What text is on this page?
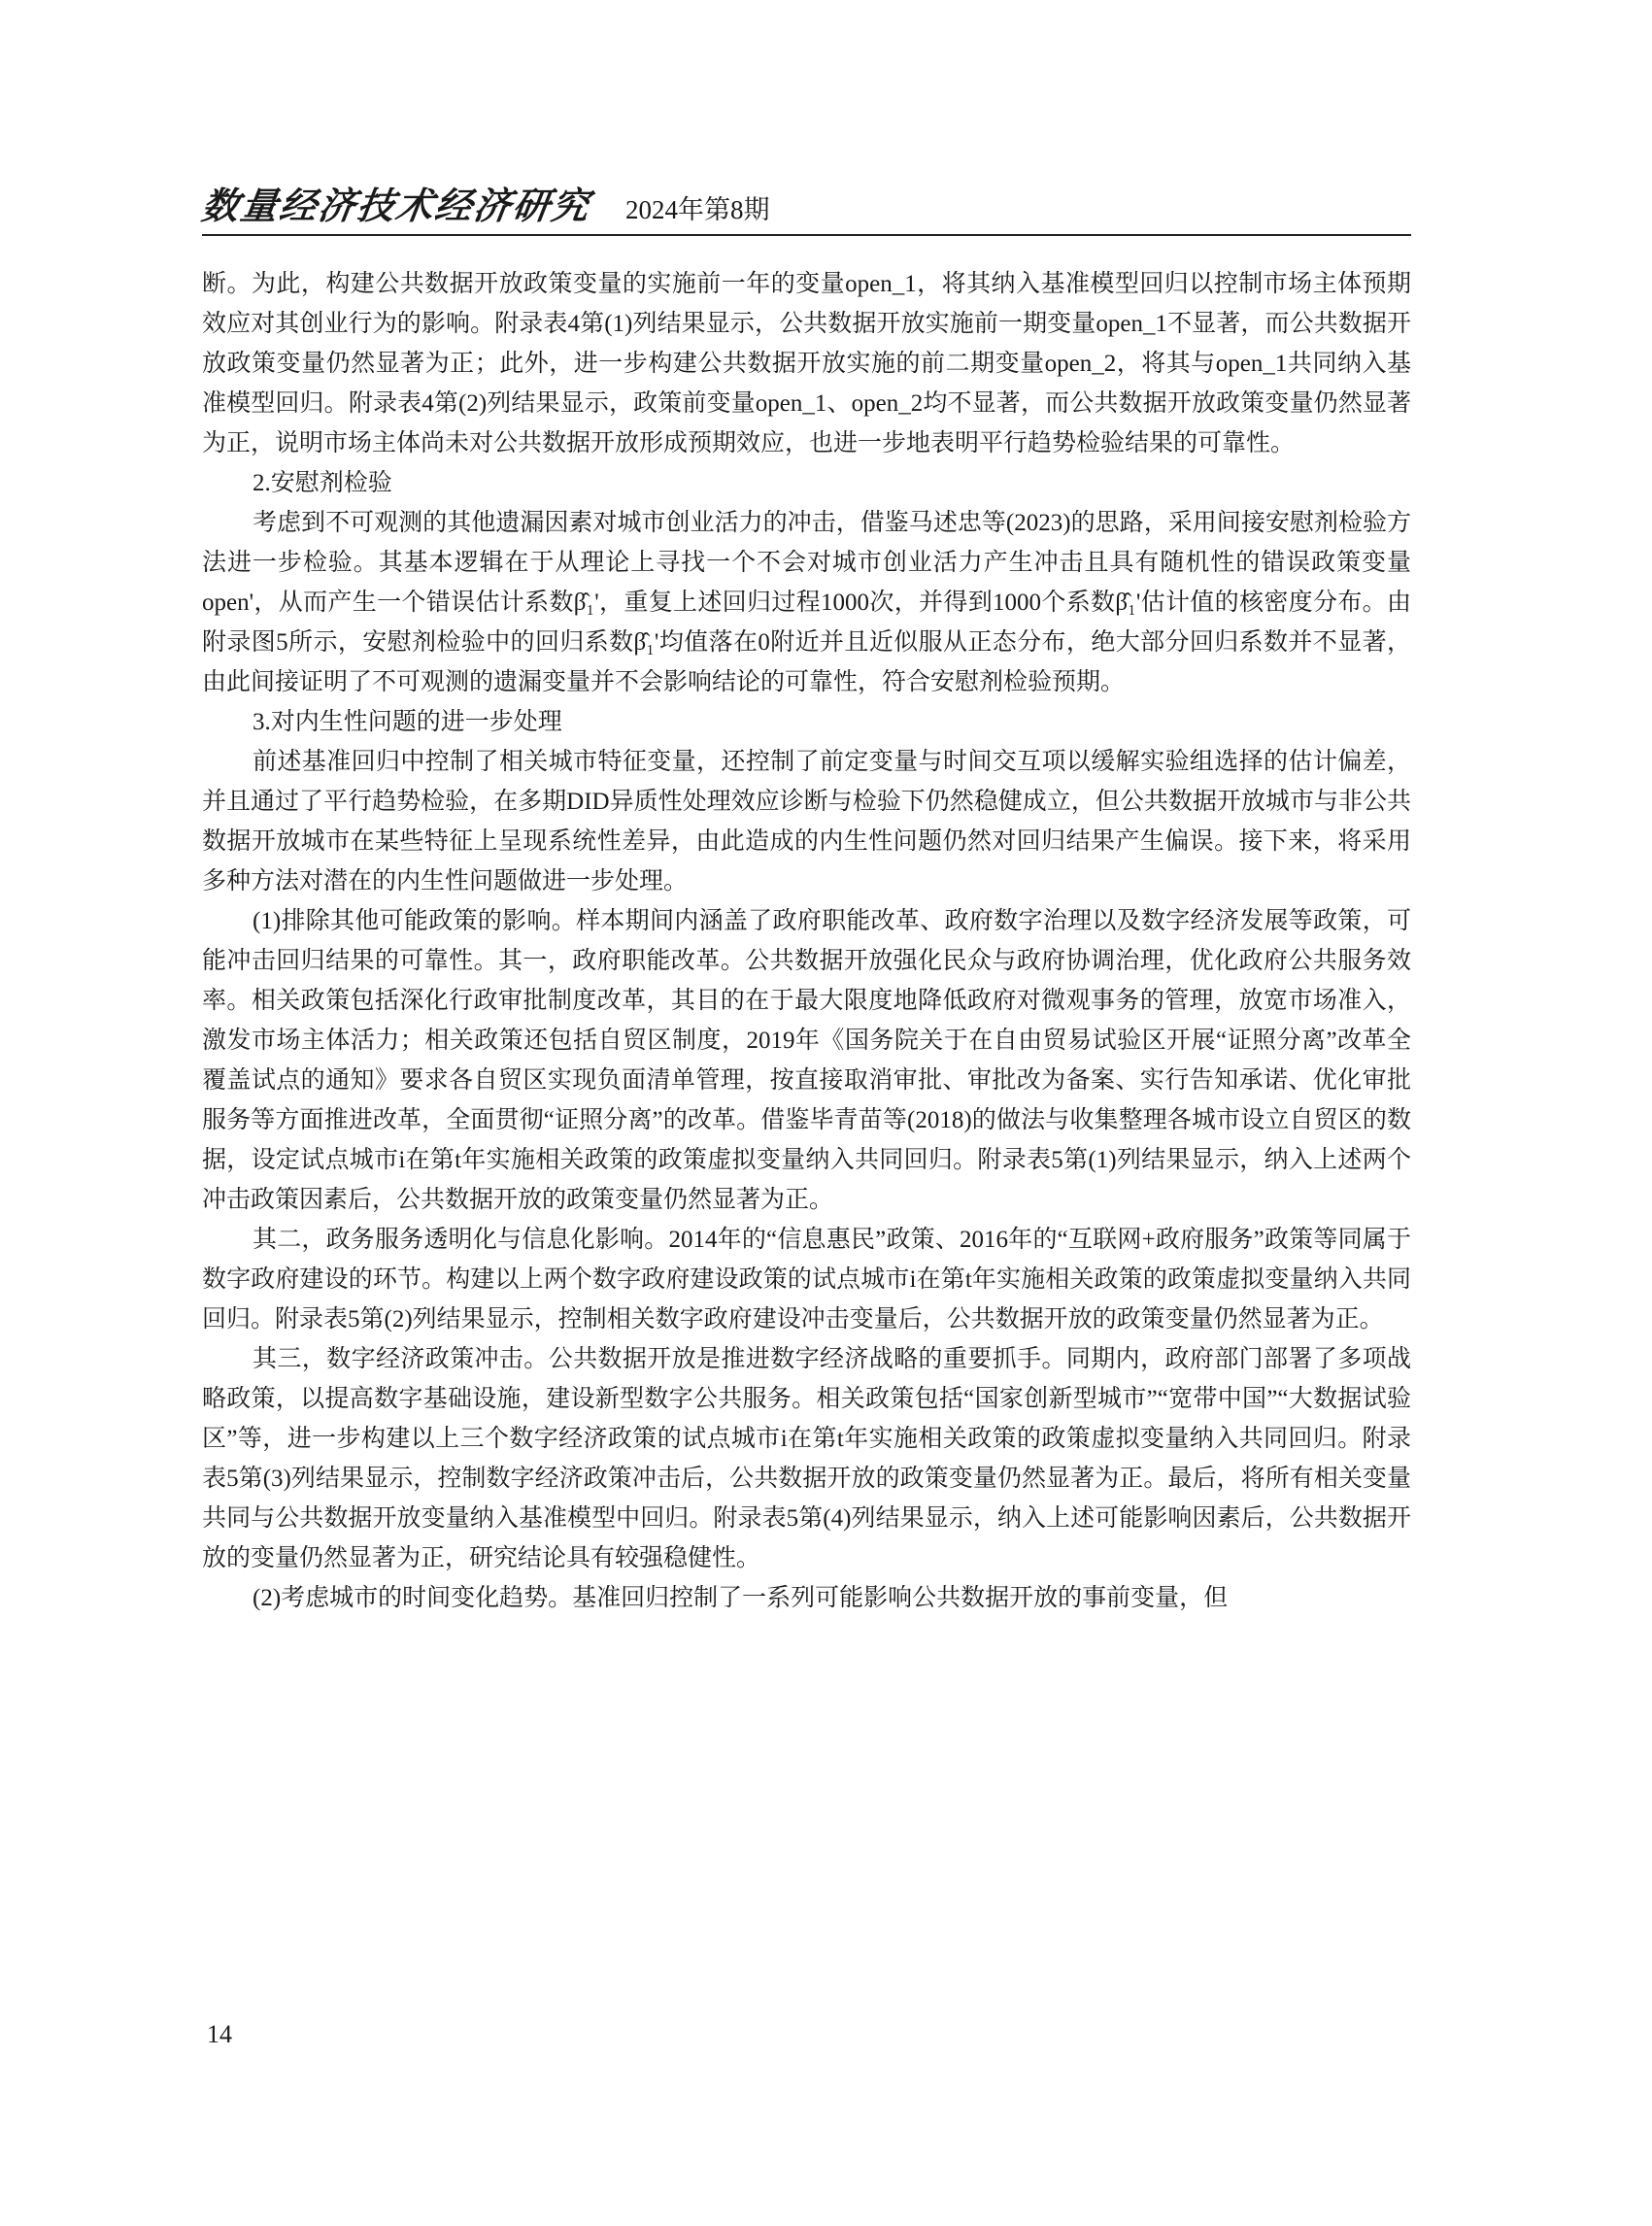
数量经济技术经济研究 2024年第8期

断。为此，构建公共数据开放政策变量的实施前一年的变量open_1，将其纳入基准模型回归以控制市场主体预期效应对其创业行为的影响。附录表4第(1)列结果显示，公共数据开放实施前一期变量open_1不显著，而公共数据开放政策变量仍然显著为正；此外，进一步构建公共数据开放实施的前二期变量open_2，将其与open_1共同纳入基准模型回归。附录表4第(2)列结果显示，政策前变量open_1、open_2均不显著，而公共数据开放政策变量仍然显著为正，说明市场主体尚未对公共数据开放形成预期效应，也进一步地表明平行趋势检验结果的可靠性。

2.安慰剂检验

考虑到不可观测的其他遗漏因素对城市创业活力的冲击，借鉴马述忠等(2023)的思路，采用间接安慰剂检验方法进一步检验。其基本逻辑在于从理论上寻找一个不会对城市创业活力产生冲击且具有随机性的错误政策变量open'，从而产生一个错误估计系数β̂₁'，重复上述回归过程1000次，并得到1000个系数β̂₁'估计值的核密度分布。由附录图5所示，安慰剂检验中的回归系数β̂₁'均值落在0附近并且近似服从正态分布，绝大部分回归系数并不显著，由此间接证明了不可观测的遗漏变量并不会影响结论的可靠性，符合安慰剂检验预期。

3.对内生性问题的进一步处理

前述基准回归中控制了相关城市特征变量，还控制了前定变量与时间交互项以缓解实验组选择的估计偏差，并且通过了平行趋势检验，在多期DID异质性处理效应诊断与检验下仍然稳健成立，但公共数据开放城市与非公共数据开放城市在某些特征上呈现系统性差异，由此造成的内生性问题仍然对回归结果产生偏误。接下来，将采用多种方法对潜在的内生性问题做进一步处理。

(1)排除其他可能政策的影响。样本期间内涵盖了政府职能改革、政府数字治理以及数字经济发展等政策，可能冲击回归结果的可靠性。其一，政府职能改革。公共数据开放强化民众与政府协调治理，优化政府公共服务效率。相关政策包括深化行政审批制度改革，其目的在于最大限度地降低政府对微观事务的管理，放宽市场准入，激发市场主体活力；相关政策还包括自贸区制度，2019年《国务院关于在自由贸易试验区开展“证照分离”改革全覆盖试点的通知》要求各自贸区实现负面清单管理，按直接取消审批、审批改为备案、实行告知承诺、优化审批服务等方面推进改革，全面贯彻“证照分离”的改革。借鉴毕青苗等(2018)的做法与收集整理各城市设立自贸区的数据，设定试点城市i在第t年实施相关政策的政策虚拟变量纳入共同回归。附录表5第(1)列结果显示，纳入上述两个冲击政策因素后，公共数据开放的政策变量仍然显著为正。

其二，政务服务透明化与信息化影响。2014年的“信息惠民”政策、2016年的“互联网+政府服务”政策等同属于数字政府建设的环节。构建以上两个数字政府建设政策的试点城市i在第t年实施相关政策的政策虚拟变量纳入共同回归。附录表5第(2)列结果显示，控制相关数字政府建设冲击变量后，公共数据开放的政策变量仍然显著为正。

其三，数字经济政策冲击。公共数据开放是推进数字经济战略的重要抓手。同期内，政府部门部署了多项战略政策，以提高数字基础设施，建设新型数字公共服务。相关政策包括“国家创新型城市”“宽带中国”“大数据试验区”等，进一步构建以上三个数字经济政策的试点城市i在第t年实施相关政策的政策虚拟变量纳入共同回归。附录表5第(3)列结果显示，控制数字经济政策冲击后，公共数据开放的政策变量仍然显著为正。最后，将所有相关变量共同与公共数据开放变量纳入基准模型中回归。附录表5第(4)列结果显示，纳入上述可能影响因素后，公共数据开放的变量仍然显著为正，研究结论具有较强稳健性。

(2)考虑城市的时间变化趋势。基准回归控制了一系列可能影响公共数据开放的事前变量，但

14
